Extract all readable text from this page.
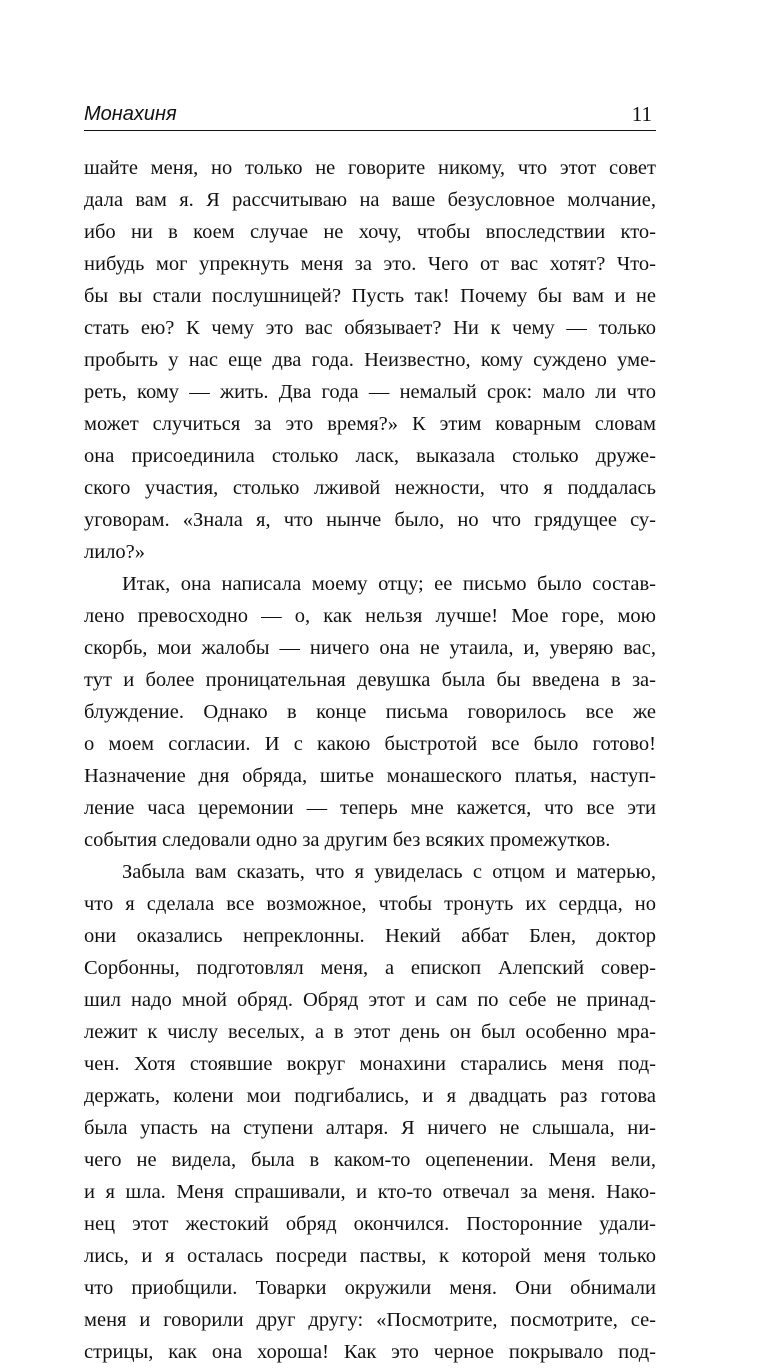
Монахиня	11
шайте меня, но только не говорите никому, что этот совет
дала вам я. Я рассчитываю на ваше безусловное молчание,
ибо ни в коем случае не хочу, чтобы впоследствии кто-
нибудь мог упрекнуть меня за это. Чего от вас хотят? Что-
бы вы стали послушницей? Пусть так! Почему бы вам и не
стать ею? К чему это вас обязывает? Ни к чему — только
пробыть у нас еще два года. Неизвестно, кому суждено уме-
реть, кому — жить. Два года — немалый срок: мало ли что
может случиться за это время?» К этим коварным словам
она присоединила столько ласк, выказала столько друже-
ского участия, столько лживой нежности, что я поддалась
уговорам. «Знала я, что нынче было, но что грядущее су-
лило?»
Итак, она написала моему отцу; ее письмо было состав-
лено превосходно — о, как нельзя лучше! Мое горе, мою
скорбь, мои жалобы — ничего она не утаила, и, уверяю вас,
тут и более проницательная девушка была бы введена в за-
блуждение. Однако в конце письма говорилось все же
о моем согласии. И с какою быстротой все было готово!
Назначение дня обряда, шитье монашеского платья, наступ-
ление часа церемонии — теперь мне кажется, что все эти
события следовали одно за другим без всяких промежутков.
Забыла вам сказать, что я увиделась с отцом и матерью,
что я сделала все возможное, чтобы тронуть их сердца, но
они оказались непреклонны. Некий аббат Блен, доктор
Сорбонны, подготовлял меня, а епископ Алепский совер-
шил надо мной обряд. Обряд этот и сам по себе не принад-
лежит к числу веселых, а в этот день он был особенно мра-
чен. Хотя стоявшие вокруг монахини старались меня под-
держать, колени мои подгибались, и я двадцать раз готова
была упасть на ступени алтаря. Я ничего не слышала, ни-
чего не видела, была в каком-то оцепенении. Меня вели,
и я шла. Меня спрашивали, и кто-то отвечал за меня. Нако-
нец этот жестокий обряд окончился. Посторонние удали-
лись, и я осталась посреди паствы, к которой меня только
что приобщили. Товарки окружили меня. Они обнимали
меня и говорили друг другу: «Посмотрите, посмотрите, се-
стрицы, как она хороша! Как это черное покрывало под-
